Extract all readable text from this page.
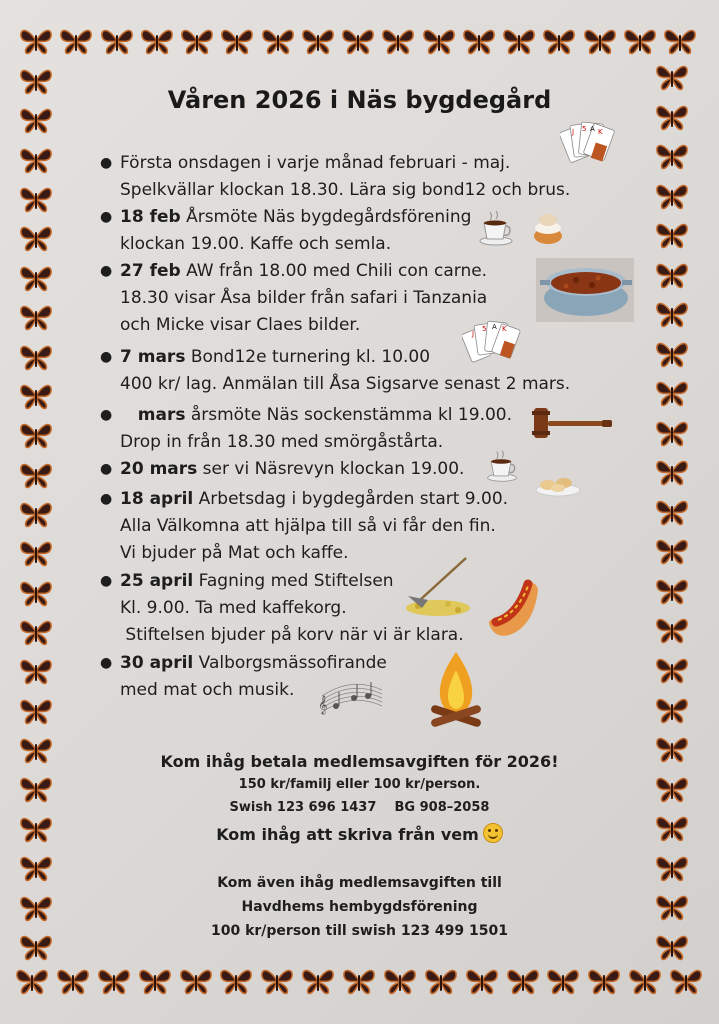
Våren 2026 i Näs bygdegård
● Första onsdagen i varje månad februari - maj.
Spelkvällar klockan 18.30. Lära sig bond12 och brus.
● 18 feb Årsmöte Näs bygdegårdsförening
klockan 19.00. Kaffe och semla.
● 27 feb AW från 18.00 med Chili con carne.
18.30 visar Åsa bilder från safari i Tanzania
och Micke visar Claes bilder.
● 7 mars Bond12e turnering kl. 10.00
400 kr/ lag. Anmälan till Åsa Sigsarve senast 2 mars.
● mars årsmöte Näs sockenstämma kl 19.00.
Drop in från 18.30 med smörgåstårta.
● 20 mars ser vi Näsrevyn klockan 19.00.
● 18 april Arbetsdag i bygdegården start 9.00.
Alla Välkomna att hjälpa till så vi får den fin.
Vi bjuder på Mat och kaffe.
● 25 april Fagning med Stiftelsen
Kl. 9.00. Ta med kaffekorg.
Stiftelsen bjuder på korv när vi är klara.
● 30 april Valborgsmässofirande
med mat och musik.
J 5 A K
J
5 A K
𝄞
Kom ihåg betala medlemsavgiften för 2026!
150 kr/familj eller 100 kr/person.
Swish 123 696 1437    BG 908–2058
Kom ihåg att skriva från vem
Kom även ihåg medlemsavgiften till
Havdhems hembygdsförening
100 kr/person till swish 123 499 1501
